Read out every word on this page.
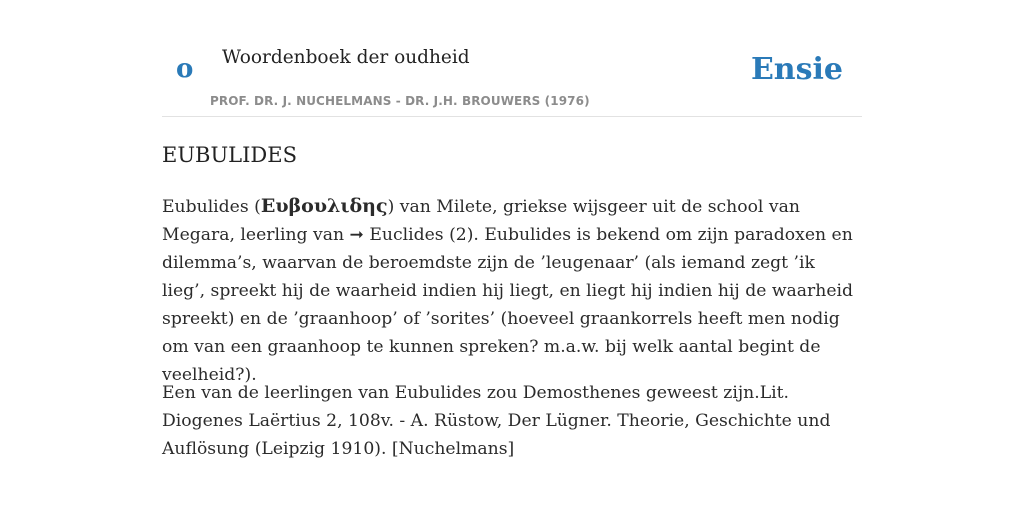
o Woordenboek der oudheid
PROF. DR. J. NUCHELMANS - DR. J.H. BROUWERS (1976)
Ensie
EUBULIDES

Eubulides (Ευβουλιδης) van Milete, griekse wijsgeer uit de school van Megara, leerling van ➞ Euclides (2). Eubulides is bekend om zijn paradoxen en dilemma’s, waarvan de beroemdste zijn de ’leugenaar’ (als iemand zegt ’ik lieg’, spreekt hij de waarheid indien hij liegt, en liegt hij indien hij de waarheid spreekt) en de ’graanhoop’ of ’sorites’ (hoeveel graankorrels heeft men nodig om van een graanhoop te kunnen spreken? m.a.w. bij welk aantal begint de veelheid?).

Een van de leerlingen van Eubulides zou Demosthenes geweest zijn.Lit. Diogenes Laërtius 2, 108v. - A. Rüstow, Der Lügner. Theorie, Geschichte und Auflösung (Leipzig 1910). [Nuchelmans]
